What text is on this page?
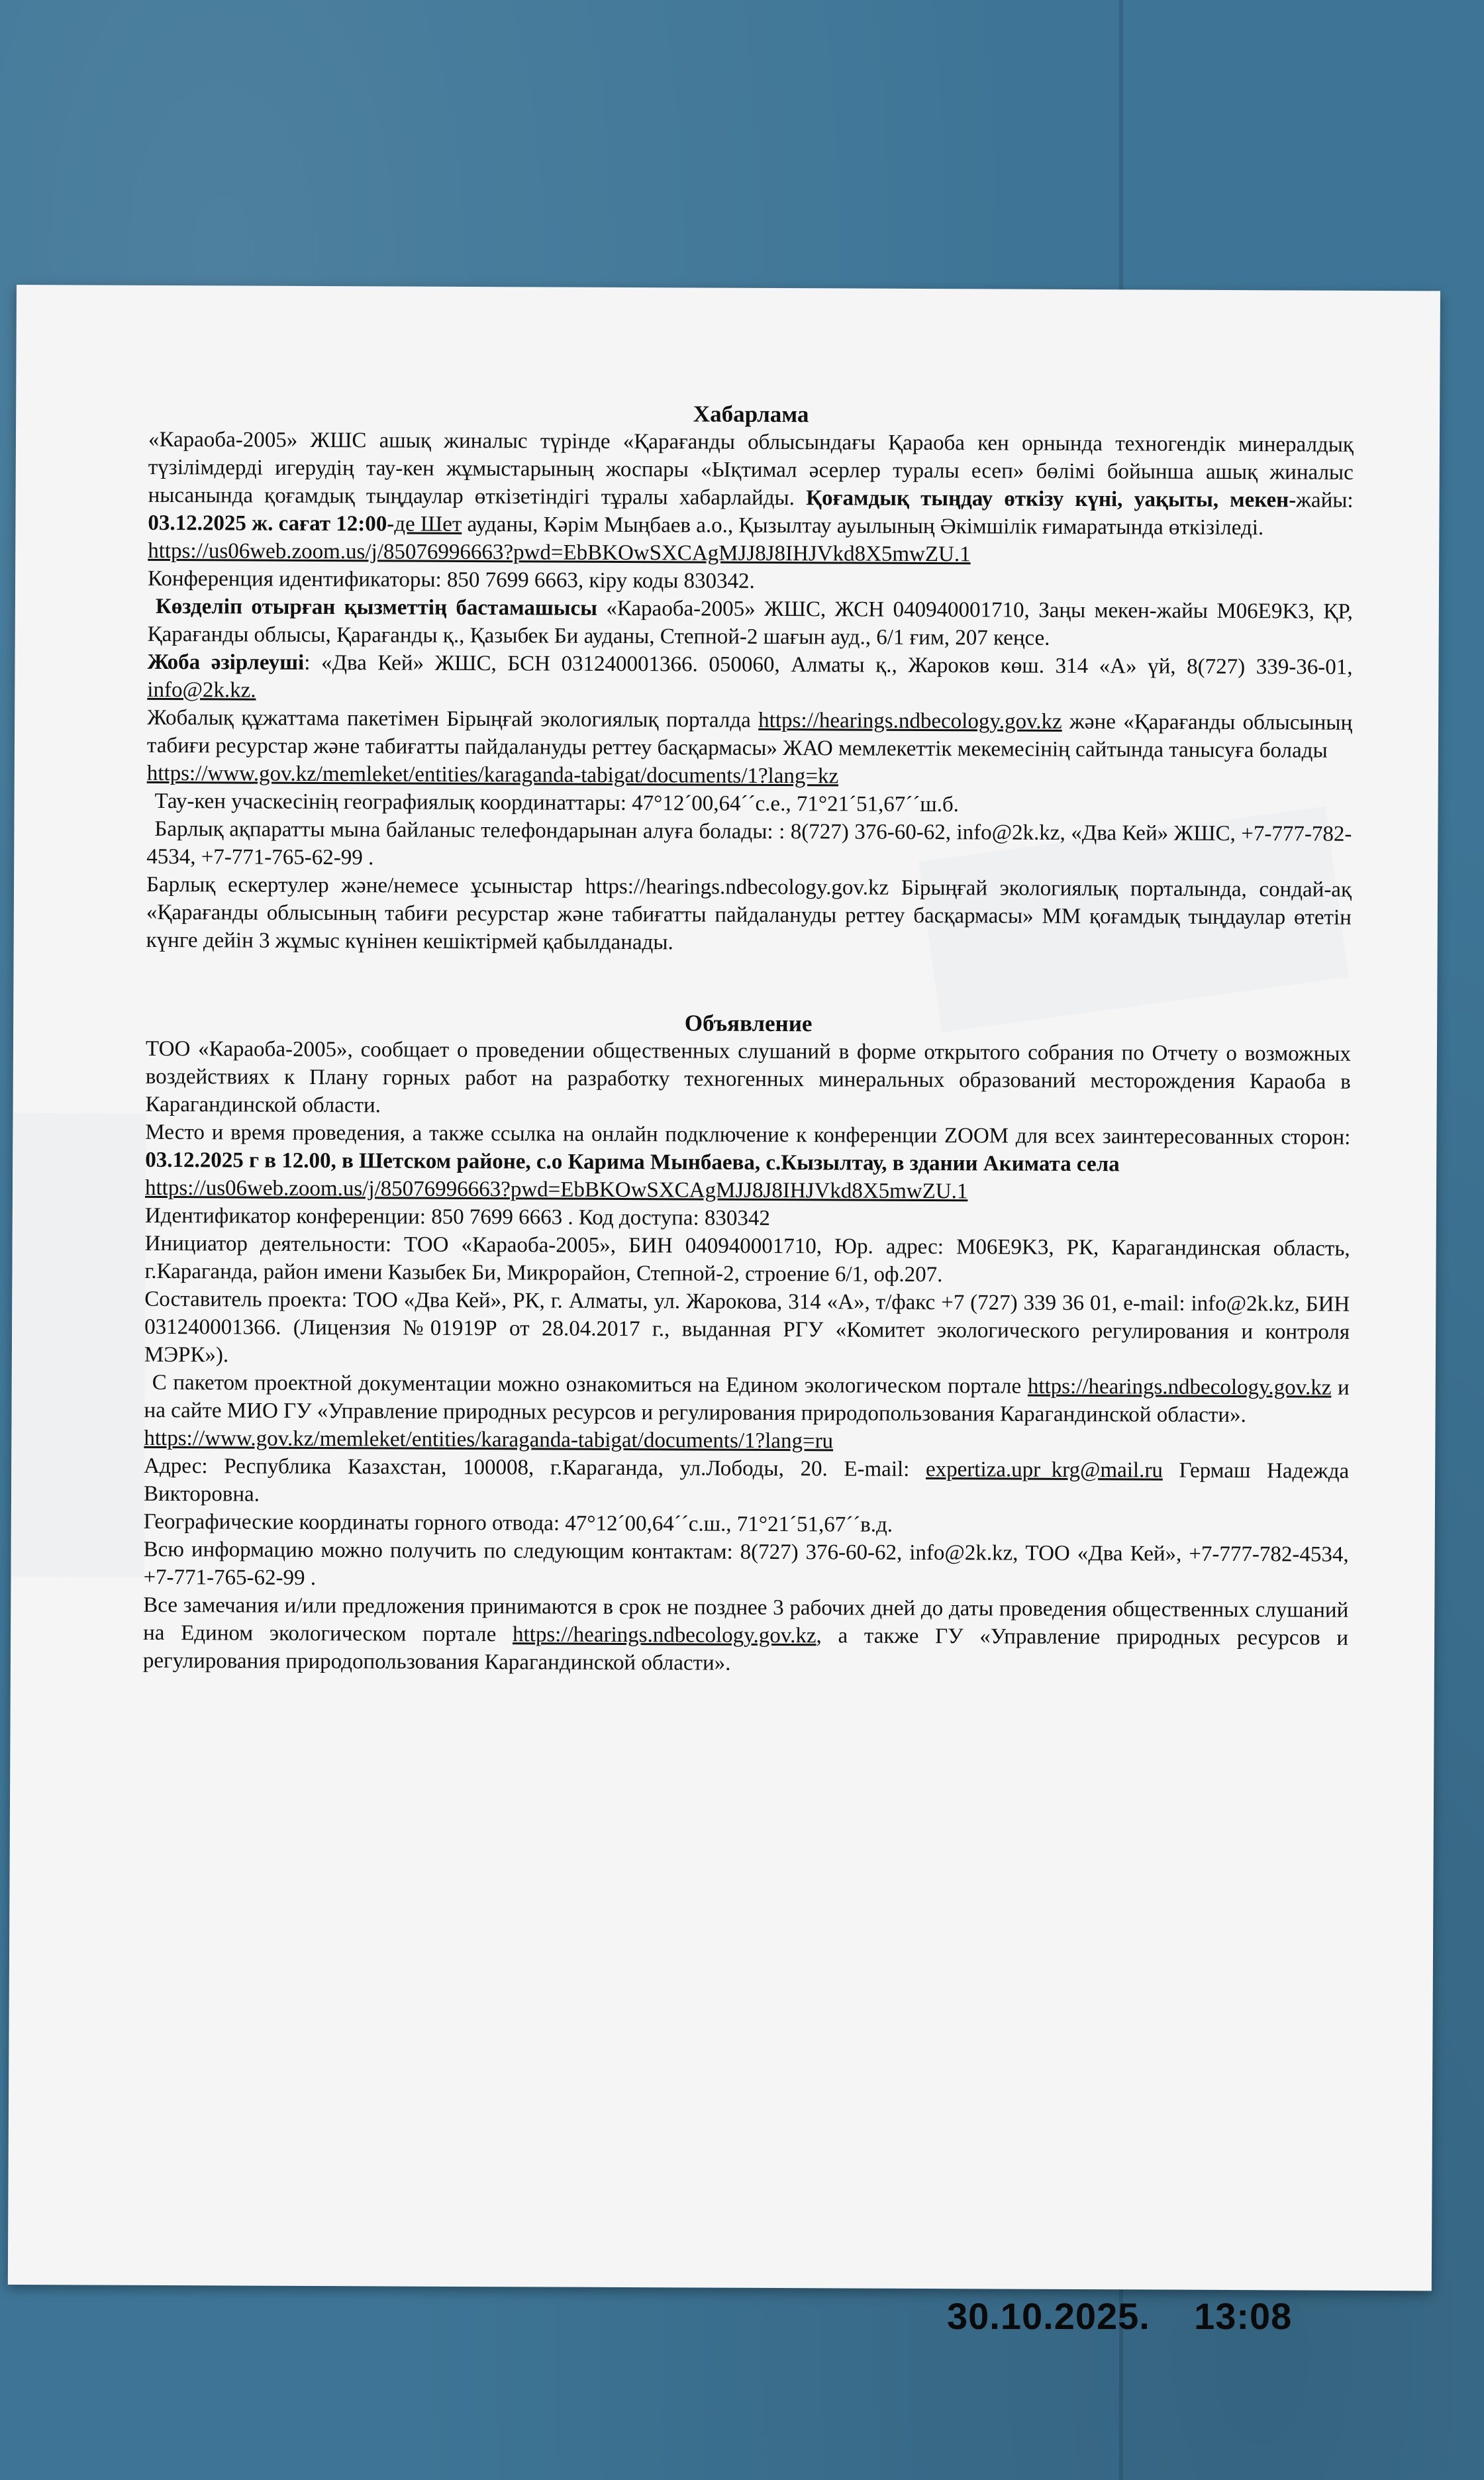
Хабарлама

«Караоба-2005» ЖШС ашық жиналыс түрінде «Қарағанды облысындағы Қараоба кен орнында техногендік минералдық түзілімдерді игерудің тау-кен жұмыстарының жоспары «Ықтимал әсерлер туралы есеп» бөлімі бойынша ашық жиналыс нысанында қоғамдық тыңдаулар өткізетіндігі тұралы хабарлайды. Қоғамдық тыңдау өткізу күні, уақыты, мекен-жайы: 03.12.2025 ж. сағат 12:00-де Шет ауданы, Кәрім Мыңбаев а.о., Қызылтау ауылының Әкімшілік ғимаратында өткізіледі.

https://us06web.zoom.us/j/85076996663?pwd=EbBKOwSXCAgMJJ8J8IHJVkd8X5mwZU.1

Конференция идентификаторы: 850 7699 6663, кіру коды 830342.

Көзделіп отырған қызметтің бастамашысы «Караоба-2005» ЖШС, ЖСН 040940001710, Заңы мекен-жайы M06E9K3, ҚР, Қарағанды облысы, Қарағанды қ., Қазыбек Би ауданы, Степной-2 шағын ауд., 6/1 ғим, 207 кеңсе.

Жоба әзірлеуші: «Два Кей» ЖШС, БСН 031240001366. 050060, Алматы қ., Жароков көш. 314 «А» үй, 8(727) 339-36-01, info@2k.kz.

Жобалық құжаттама пакетімен Бірыңғай экологиялық порталда https://hearings.ndbecology.gov.kz және «Қарағанды облысының табиғи ресурстар және табиғатты пайдалануды реттеу басқармасы» ЖАО мемлекеттік мекемесінің сайтында танысуға болады

https://www.gov.kz/memleket/entities/karaganda-tabigat/documents/1?lang=kz

Тау-кен учаскесінің географиялық координаттары: 47°12´00,64´´с.е., 71°21´51,67´´ш.б.

Барлық ақпаратты мына байланыс телефондарынан алуға болады: : 8(727) 376-60-62, info@2k.kz, «Два Кей» ЖШС, +7-777-782-4534, +7-771-765-62-99 .

Барлық ескертулер және/немесе ұсыныстар https://hearings.ndbecology.gov.kz Бірыңғай экологиялық порталында, сондай-ақ «Қарағанды облысының табиғи ресурстар және табиғатты пайдалануды реттеу басқармасы» ММ қоғамдық тыңдаулар өтетін күнге дейін 3 жұмыс күнінен кешіктірмей қабылданады.

Объявление

ТОО «Караоба-2005», сообщает о проведении общественных слушаний в форме открытого собрания по Отчету о возможных воздействиях к Плану горных работ на разработку техногенных минеральных образований месторождения Караоба в Карагандинской области.

Место и время проведения, а также ссылка на онлайн подключение к конференции ZOOM для всех заинтересованных сторон: 03.12.2025 г в 12.00, в Шетском районе, с.о Карима Мынбаева, с.Кызылтау, в здании Акимата села

https://us06web.zoom.us/j/85076996663?pwd=EbBKOwSXCAgMJJ8J8IHJVkd8X5mwZU.1

Идентификатор конференции: 850 7699 6663 . Код доступа: 830342

Инициатор деятельности: ТОО «Караоба-2005», БИН 040940001710, Юр. адрес: M06E9K3, РК, Карагандинская область, г.Караганда, район имени Казыбек Би, Микрорайон, Степной-2, строение 6/1, оф.207.

Составитель проекта: ТОО «Два Кей», РК, г. Алматы, ул. Жарокова, 314 «А», т/факс +7 (727) 339 36 01, e-mail: info@2k.kz, БИН 031240001366. (Лицензия №01919Р от 28.04.2017 г., выданная РГУ «Комитет экологического регулирования и контроля МЭРК»).

С пакетом проектной документации можно ознакомиться на Едином экологическом портале https://hearings.ndbecology.gov.kz и на сайте МИО ГУ «Управление природных ресурсов и регулирования природопользования Карагандинской области».

https://www.gov.kz/memleket/entities/karaganda-tabigat/documents/1?lang=ru

Адрес: Республика Казахстан, 100008, г.Караганда, ул.Лободы, 20. E-mail: expertiza.upr_krg@mail.ru Гермаш Надежда Викторовна.

Географические координаты горного отвода: 47°12´00,64´´с.ш., 71°21´51,67´´в.д.

Всю информацию можно получить по следующим контактам: 8(727) 376-60-62, info@2k.kz, ТОО «Два Кей», +7-777-782-4534, +7-771-765-62-99 .

Все замечания и/или предложения принимаются в срок не позднее 3 рабочих дней до даты проведения общественных слушаний на Едином экологическом портале https://hearings.ndbecology.gov.kz, а также ГУ «Управление природных ресурсов и регулирования природопользования Карагандинской области».

30.10.2025. 13:08
